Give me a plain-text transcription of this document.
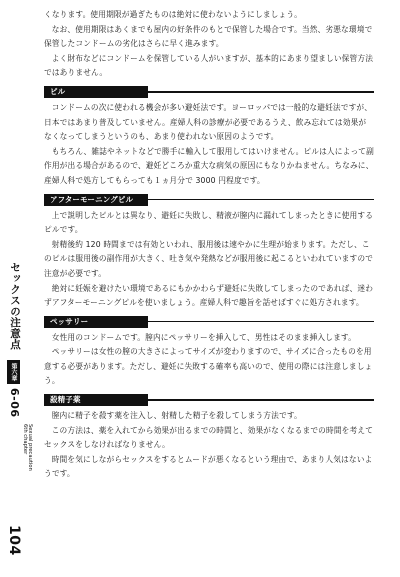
セックスの注意点
第六章
6-06
6th chapter Sexual precaution
104

くなります。使用期限が過ぎたものは絶対に使わないようにしましょう。

なお、使用期限はあくまでも屋内の好条件のもとで保管した場合です。当然、劣悪な環境で保管したコンドームの劣化はさらに早く進みます。

よく財布などにコンドームを保管している人がいますが、基本的にあまり望ましい保管方法ではありません。

ピル

コンドームの次に使われる機会が多い避妊法です。ヨーロッパでは一般的な避妊法ですが、日本ではあまり普及していません。産婦人科の診療が必要であるうえ、飲み忘れては効果がなくなってしまうというのも、あまり使われない原因のようです。

もちろん、雑誌やネットなどで勝手に輸入して服用してはいけません。ピルは人によって副作用が出る場合があるので、避妊どころか重大な病気の原因にもなりかねません。ちなみに、産婦人科で処方してもらっても１ヵ月分で 3000 円程度です。

アフターモーニングピル

上で説明したピルとは異なり、避妊に失敗し、精液が膣内に漏れてしまったときに使用するピルです。

射精後約 120 時間までは有効といわれ、服用後は速やかに生理が始まります。ただし、このピルは服用後の副作用が大きく、吐き気や発熱などが服用後に起こるといわれていますので注意が必要です。

絶対に妊娠を避けたい環境であるにもかかわらず避妊に失敗してしまったのであれば、迷わずアフターモーニングピルを使いましょう。産婦人科で趣旨を話せばすぐに処方されます。

ペッサリー

女性用のコンドームです。膣内にペッサリーを挿入して、男性はそのまま挿入します。

ペッサリーは女性の膣の大きさによってサイズが変わりますので、サイズに合ったものを用意する必要があります。ただし、避妊に失敗する確率も高いので、使用の際には注意しましょう。

殺精子薬

膣内に精子を殺す薬を注入し、射精した精子を殺してしまう方法です。

この方法は、薬を入れてから効果が出るまでの時間と、効果がなくなるまでの時間を考えてセックスをしなければなりません。

時間を気にしながらセックスをするとムードが悪くなるという理由で、あまり人気はないようです。
